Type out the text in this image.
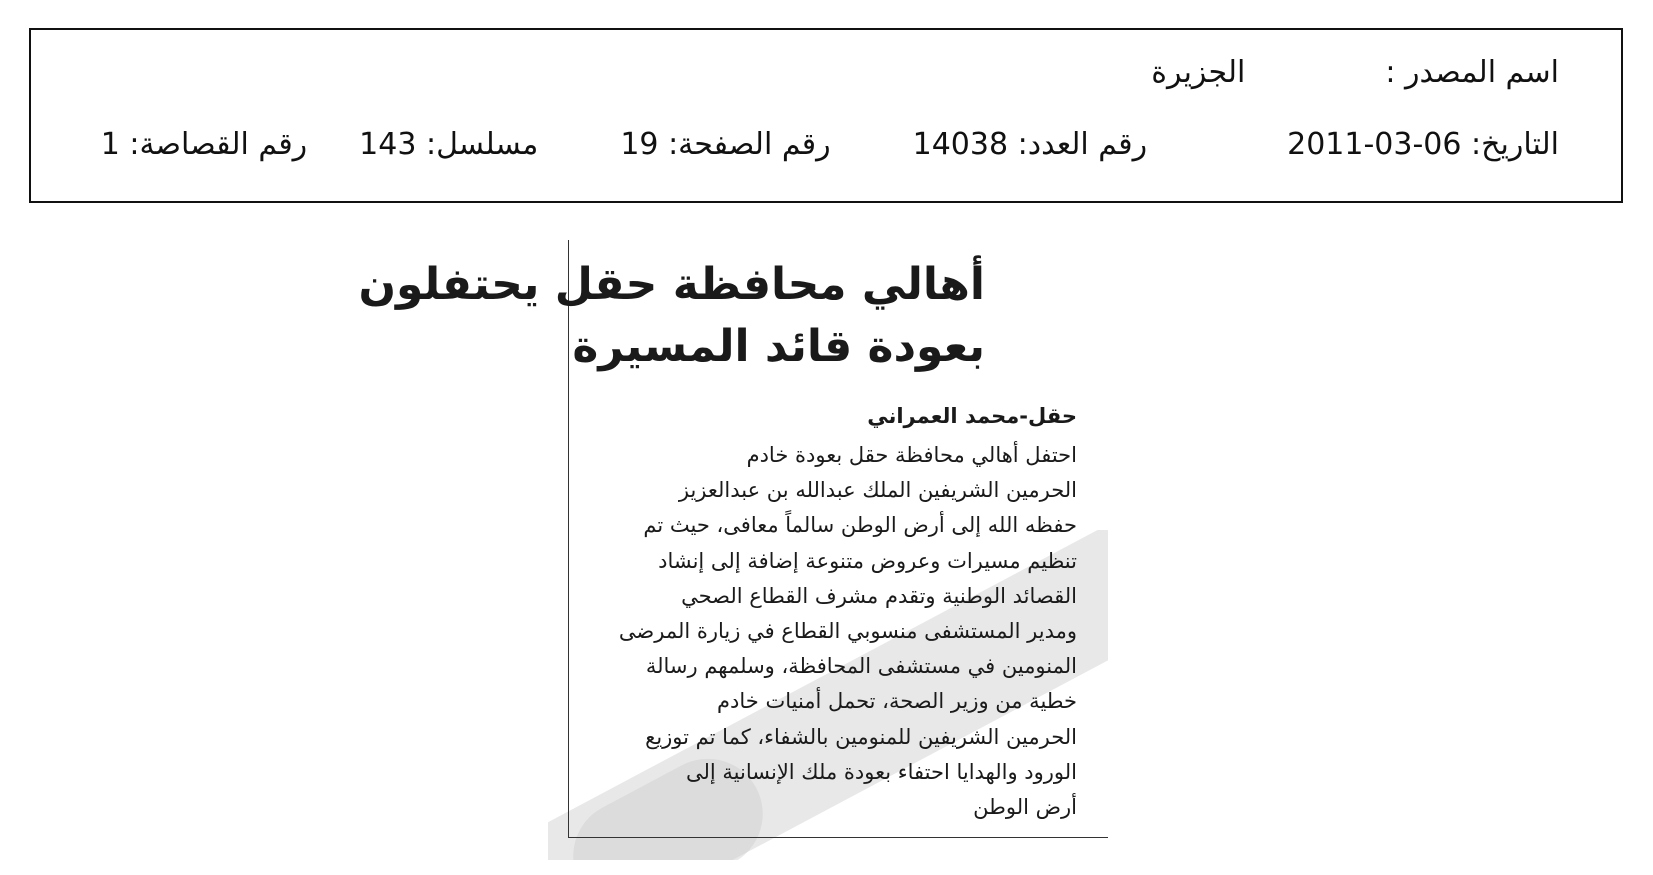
اسم المصدر :الجزيرة
التاريخ: 2011-03-06رقم العدد: 14038رقم الصفحة: 19مسلسل: 143رقم القصاصة: 1
أهالي محافظة حقل يحتفلون
بعودة قائد المسيرة
حقل-محمد العمراني
احتفل أهالي محافظة حقل بعودة خادم
الحرمين الشريفين الملك عبدالله بن عبدالعزيز
حفظه الله إلى أرض الوطن سالماً معافى، حيث تم
تنظيم مسيرات وعروض متنوعة إضافة إلى إنشاد
القصائد الوطنية وتقدم مشرف القطاع الصحي
ومدير المستشفى منسوبي القطاع في زيارة المرضى
المنومين في مستشفى المحافظة، وسلمهم رسالة
خطية من وزير الصحة، تحمل أمنيات خادم
الحرمين الشريفين للمنومين بالشفاء، كما تم توزيع
الورود والهدايا احتفاء بعودة ملك الإنسانية إلى
أرض الوطن
